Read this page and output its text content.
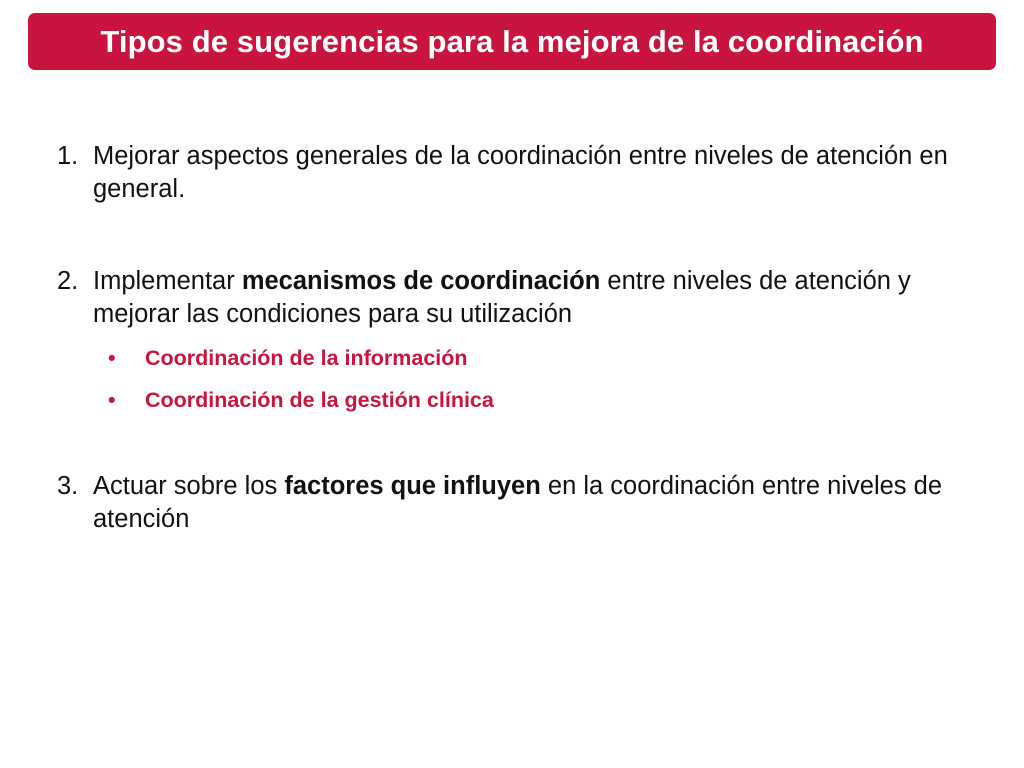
Tipos de sugerencias para la mejora de la coordinación
1. Mejorar aspectos generales de la coordinación entre niveles de atención en general.
2. Implementar mecanismos de coordinación entre niveles de atención y mejorar las condiciones para su utilización
• Coordinación de la información
• Coordinación de la gestión clínica
3. Actuar sobre los factores que influyen en la coordinación entre niveles de atención
